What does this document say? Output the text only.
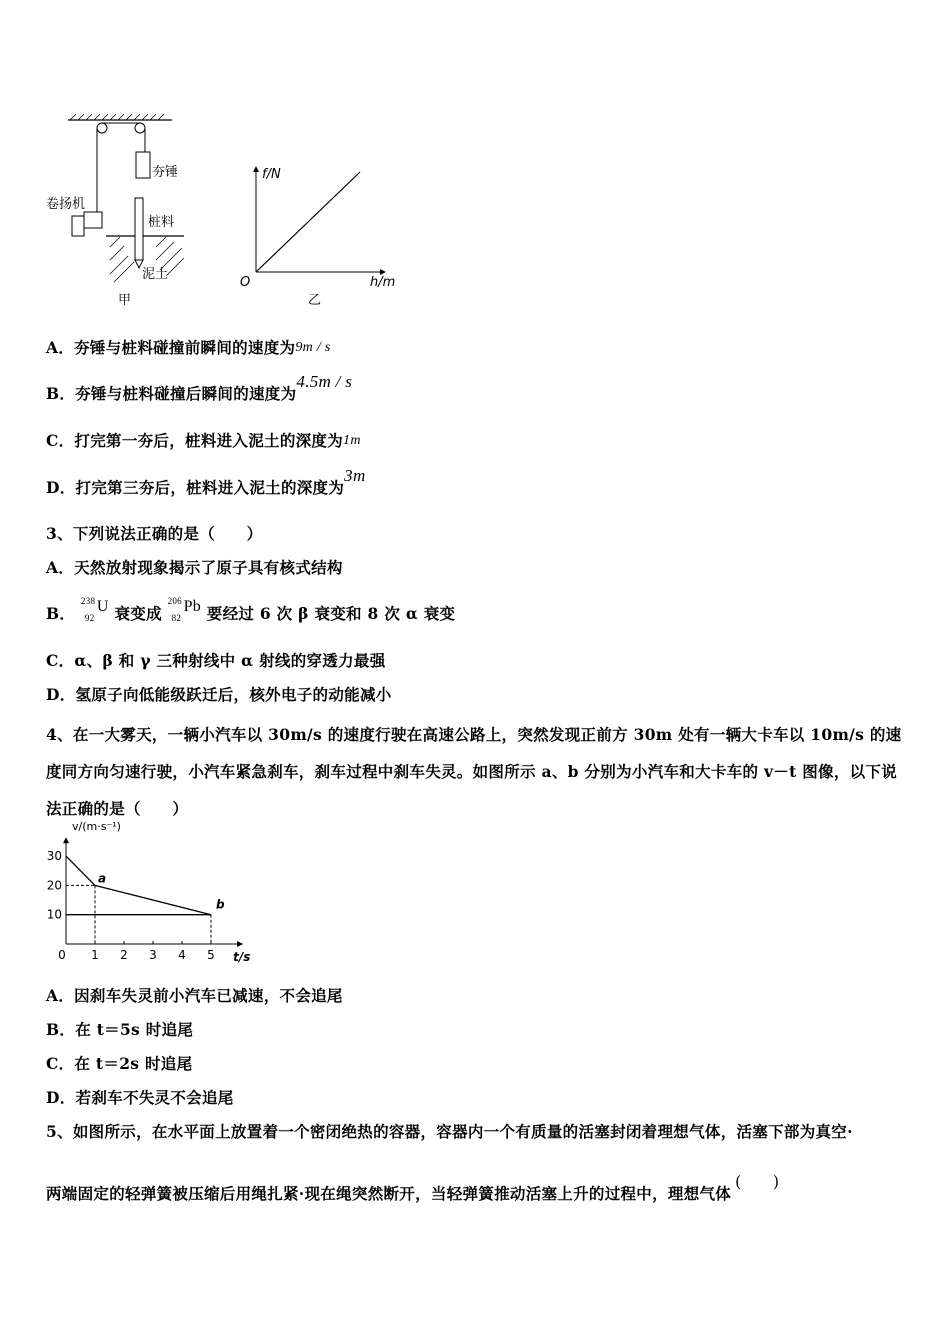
夯锤
卷扬机
桩料
泥土
甲
f/N
O	h/m
乙
A．夯锤与桩料碰撞前瞬间的速度为9m / s
B．夯锤与桩料碰撞后瞬间的速度为4.5m / s
C．打完第一夯后，桩料进入泥土的深度为1m
D．打完第三夯后，桩料进入泥土的深度为3m
3、下列说法正确的是（　　）
A．天然放射现象揭示了原子具有核式结构
B．
238
92
U 衰变成
206
82
Pb 要经过 6 次 β 衰变和 8 次 α 衰变
C．α、β 和 γ 三种射线中 α 射线的穿透力最强
D．氢原子向低能级跃迁后，核外电子的动能减小
4、在一大雾天，一辆小汽车以 30m/s 的速度行驶在高速公路上，突然发现正前方 30m 处有一辆大卡车以 10m/s 的速度同方向匀速行驶，小汽车紧急刹车，刹车过程中刹车失灵。如图所示 a、b 分别为小汽车和大卡车的 v－t 图像，以下说法正确的是（　　）
0 1 2 3 4 5
10
20
30
v/(m·s⁻¹)
t/s
a
b
A．因刹车失灵前小汽车已减速，不会追尾
B．在 t＝5s 时追尾
C．在 t＝2s 时追尾
D．若刹车不失灵不会追尾
5、如图所示，在水平面上放置着一个密闭绝热的容器，容器内一个有质量的活塞封闭着理想气体，活塞下部为真空·
两端固定的轻弹簧被压缩后用绳扎紧·现在绳突然断开，当轻弹簧推动活塞上升的过程中，理想气体(　　)
